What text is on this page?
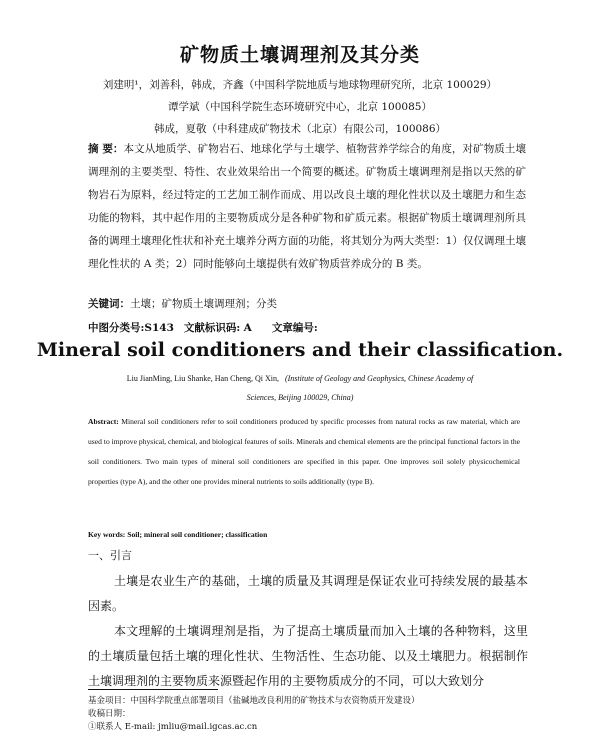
矿物质土壤调理剂及其分类
刘建明¹，刘善科，韩成，齐鑫（中国科学院地质与地球物理研究所，北京 100029）
谭学斌（中国科学院生态环境研究中心，北京 100085）
韩成，夏敬（中科建成矿物技术（北京）有限公司，100086）
摘 要：本文从地质学、矿物岩石、地球化学与土壤学、植物营养学综合的角度，对矿物质土壤调理剂的主要类型、特性、农业效果给出一个简要的概述。矿物质土壤调理剂是指以天然的矿物岩石为原料，经过特定的工艺加工制作而成、用以改良土壤的理化性状以及土壤肥力和生态功能的物料，其中起作用的主要物质成分是各种矿物和矿质元素。根据矿物质土壤调理剂所具备的调理土壤理化性状和补充土壤养分两方面的功能，将其划分为两大类型：1）仅仅调理土壤理化性状的 A 类；2）同时能够向土壤提供有效矿物质营养成分的 B 类。
关键词：土壤；矿物质土壤调理剂；分类
中图分类号:S143 文献标识码: A 文章编号:
Mineral soil conditioners and their classification.
Liu JianMing, Liu Shanke, Han Cheng, Qi Xin, (Institute of Geology and Geophysics, Chinese Academy of
Sciences, Beijing 100029, China)
Abstract: Mineral soil conditioners refer to soil conditioners produced by specific processes from natural rocks as raw material, which are used to improve physical, chemical, and biological features of soils. Minerals and chemical elements are the principal functional factors in the soil conditioners. Two main types of mineral soil conditioners are specified in this paper. One improves soil solely physicochemical properties (type A), and the other one provides mineral nutrients to soils additionally (type B).
Key words: Soil; mineral soil conditioner; classification
一、引言
土壤是农业生产的基础，土壤的质量及其调理是保证农业可持续发展的最基本因素。
本文理解的土壤调理剂是指，为了提高土壤质量而加入土壤的各种物料，这里的土壤质量包括土壤的理化性状、生物活性、生态功能、以及土壤肥力。根据制作土壤调理剂的主要物质来源暨起作用的主要物质成分的不同，可以大致划分
基金项目：中国科学院重点部署项目（盐碱地改良利用的矿物技术与农资物质开发建设）
收稿日期：
①联系人 E-mail: jmliu@mail.igcas.ac.cn
